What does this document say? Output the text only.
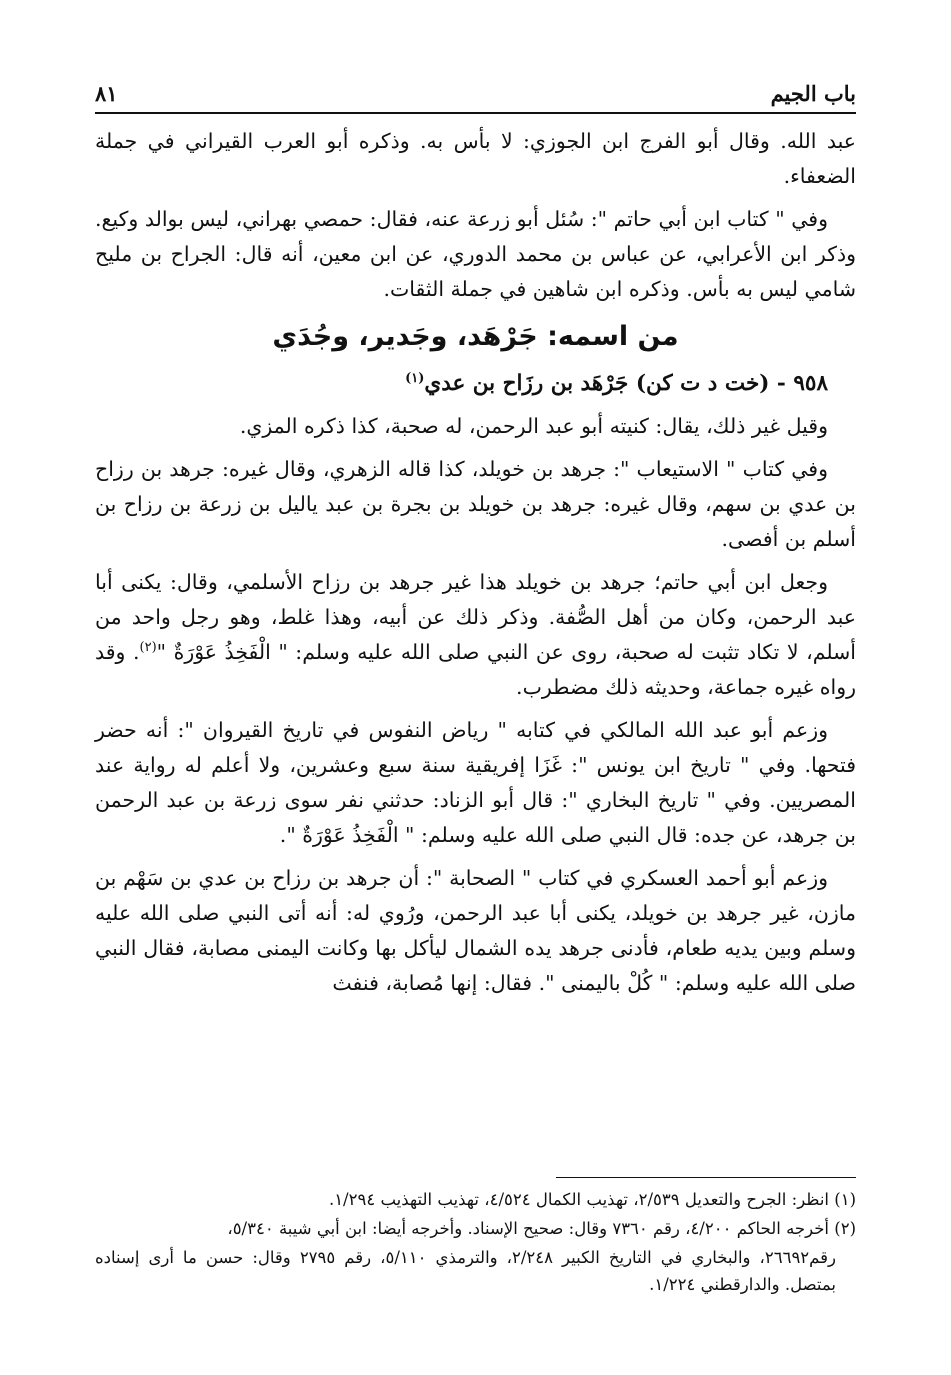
باب الجيم
٨١

عبد الله. وقال أبو الفرج ابن الجوزي: لا بأس به. وذكره أبو العرب القيراني في جملة الضعفاء.

وفي " كتاب ابن أبي حاتم ": سُئل أبو زرعة عنه، فقال: حمصي بهراني، ليس بوالد وكيع. وذكر ابن الأعرابي، عن عباس بن محمد الدوري، عن ابن معين، أنه قال: الجراح بن مليح شامي ليس به بأس. وذكره ابن شاهين في جملة الثقات.

من اسمه: جَرْهَد، وجَدير، وجُدَي
٩٥٨ - (خت د ت كن) جَرْهَد بن رزَاح بن عدي$^{(١)}$

وقيل غير ذلك، يقال: كنيته أبو عبد الرحمن، له صحبة، كذا ذكره المزي.

وفي كتاب " الاستيعاب ": جرهد بن خويلد، كذا قاله الزهري، وقال غيره: جرهد بن رزاح بن عدي بن سهم، وقال غيره: جرهد بن خويلد بن بجرة بن عبد ياليل بن زرعة بن رزاح بن أسلم بن أفصى.

وجعل ابن أبي حاتم؛ جرهد بن خويلد هذا غير جرهد بن رزاح الأسلمي، وقال: يكنى أبا عبد الرحمن، وكان من أهل الصُّفة. وذكر ذلك عن أبيه، وهذا غلط، وهو رجل واحد من أسلم، لا تكاد تثبت له صحبة، روى عن النبي صلى الله عليه وسلم: " الْفَخِذُ عَوْرَةٌ "$^{(٢)}$. وقد رواه غيره جماعة، وحديثه ذلك مضطرب.

وزعم أبو عبد الله المالكي في كتابه " رياض النفوس في تاريخ القيروان ": أنه حضر فتحها. وفي " تاريخ ابن يونس ": غَزَا إفريقية سنة سبع وعشرين، ولا أعلم له رواية عند المصريين. وفي " تاريخ البخاري ": قال أبو الزناد: حدثني نفر سوى زرعة بن عبد الرحمن بن جرهد، عن جده: قال النبي صلى الله عليه وسلم: " الْفَخِذُ عَوْرَةٌ ".

وزعم أبو أحمد العسكري في كتاب " الصحابة ": أن جرهد بن رزاح بن عدي بن سَهْم بن مازن، غير جرهد بن خويلد، يكنى أبا عبد الرحمن، ورُوي له: أنه أتى النبي صلى الله عليه وسلم وبين يديه طعام، فأدنى جرهد يده الشمال ليأكل بها وكانت اليمنى مصابة، فقال النبي صلى الله عليه وسلم: " كُلْ باليمنى ". فقال: إنها مُصابة، فنفث

(١) انظر: الجرح والتعديل ٢/٥٣٩، تهذيب الكمال ٤/٥٢٤، تهذيب التهذيب ١/٢٩٤.

(٢) أخرجه الحاكم ٤/٢٠٠، رقم ٧٣٦٠ وقال: صحيح الإسناد. وأخرجه أيضا: ابن أبي شيبة ٥/٣٤٠،

رقم٢٦٦٩٢، والبخاري في التاريخ الكبير ٢/٢٤٨، والترمذي ٥/١١٠، رقم ٢٧٩٥ وقال: حسن ما أرى إسناده بمتصل. والدارقطني ١/٢٢٤.
